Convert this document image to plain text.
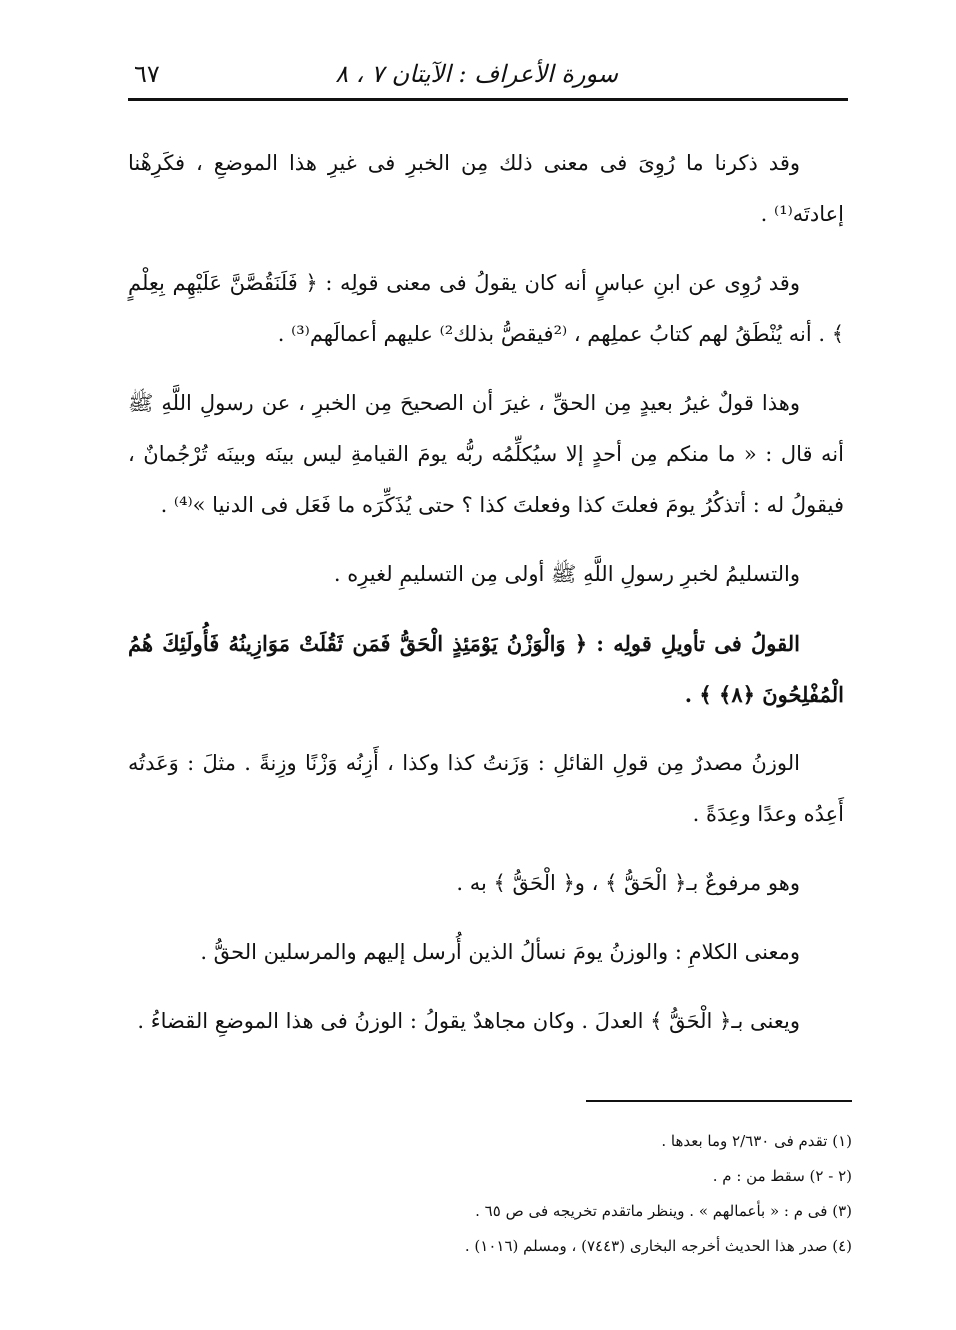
سورة الأعراف : الآيتان ٧ ، ٨
٦٧

وقد ذكرنا ما رُوِىَ فى معنى ذلك مِن الخبرِ فى غيرِ هذا الموضعِ ، فكَرِهْنا إعادتَه⁽¹⁾ .

وقد رُوِى عن ابنِ عباسٍ أنه كان يقولُ فى معنى قولِه : ﴿ فَلَنَقُصَّنَّ عَلَيْهِم بِعِلْمٍ ﴾ . أنه يُنْطَقُ لهم كتابُ عملِهم ، ⁽²فيقصُّ بذلك²⁾ عليهم أعمالَهم⁽³⁾ .

وهذا قولٌ غيرُ بعيدٍ مِن الحقِّ ، غيرَ أن الصحيحَ مِن الخبرِ ، عن رسولِ اللَّهِ ﷺ أنه قال : « ما منكم مِن أحدٍ إلا سيُكلِّمُه ربُّه يومَ القيامةِ ليس بينَه وبينَه تُرْجُمانٌ ، فيقولُ له : أتذكُرُ يومَ فعلتَ كذا وفعلتَ كذا ؟ حتى يُذَكِّرَه ما فَعَل فى الدنيا »⁽⁴⁾ .

والتسليمُ لخبرِ رسولِ اللَّهِ ﷺ أولى مِن التسليمِ لغيرِه .

القولُ فى تأويلِ قولِه : ﴿ وَالْوَزْنُ يَوْمَئِذٍ الْحَقُّ فَمَن ثَقُلَتْ مَوَازِينُهُ فَأُولَئِكَ هُمُ الْمُفْلِحُونَ ﴿٨﴾ ﴾ .

الوزنُ مصدرٌ مِن قولِ القائلِ : وَزَنتُ كذا وكذا ، أَزِنُه وَزْنًا وزِنةً . مثلَ : وَعَدتُه أَعِدُه وعدًا وعِدَةً .

وهو مرفوعٌ بـ﴿ الْحَقُّ ﴾ ، و﴿ الْحَقُّ ﴾ به .

ومعنى الكلامِ : والوزنُ يومَ نسألُ الذين أُرسل إليهم والمرسلين الحقُّ .

ويعنى بـ﴿ الْحَقُّ ﴾ العدلَ . وكان مجاهدٌ يقولُ : الوزنُ فى هذا الموضعِ القضاءُ .

(١) تقدم فى ٢/٦٣٠ وما بعدها .
(٢ - ٢) سقط من : م .
(٣) فى م : « بأعمالهم » . وينظر ماتقدم تخريجه فى ص ٦٥ .
(٤) صدر هذا الحديث أخرجه البخارى (٧٤٤٣) ، ومسلم (١٠١٦) .
